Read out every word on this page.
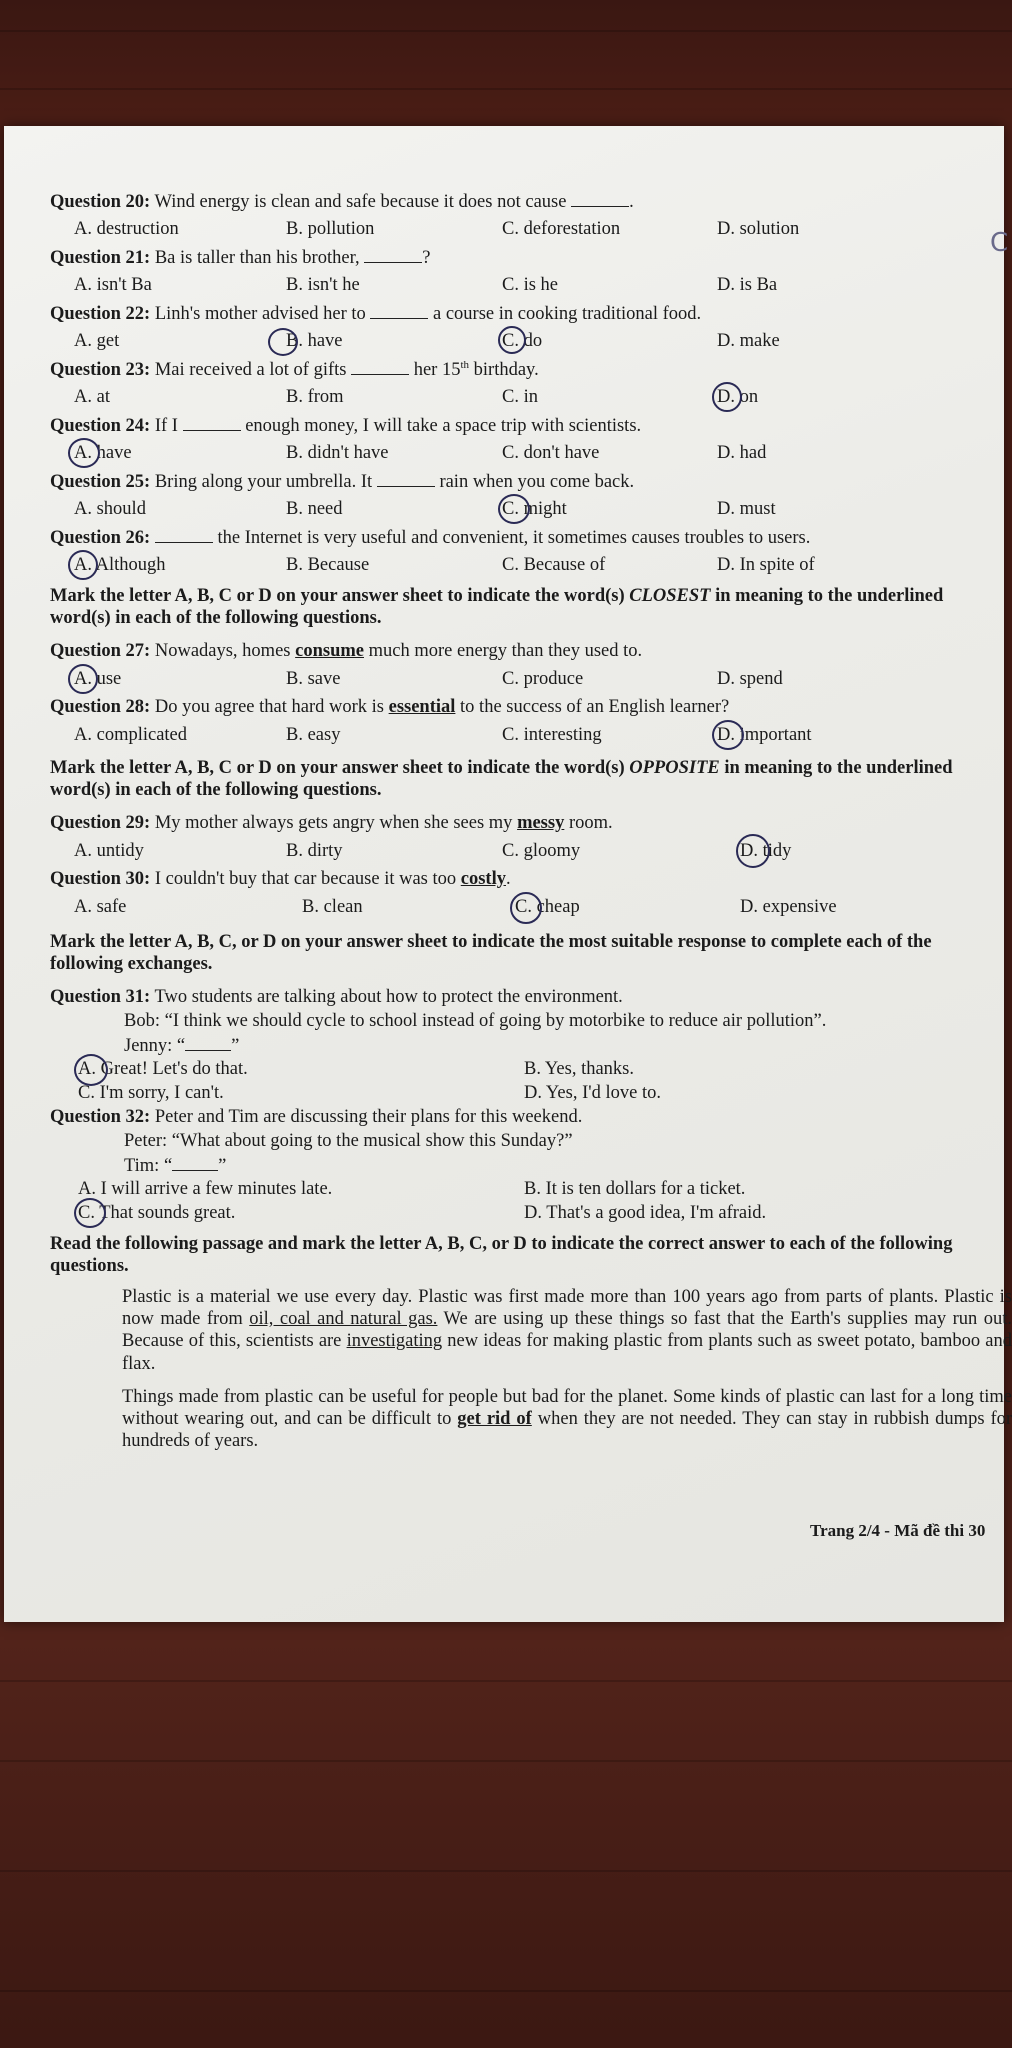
Question 20: Wind energy is clean and safe because it does not cause	.
A. destruction	B. pollution	C. deforestation	D. solution
Question 21: Ba is taller than his brother,	?
A. isn't Ba	B. isn't he	C. is he	D. is Ba
Question 22: Linh's mother advised her to	a course in cooking traditional food.
A. get	B. have	C. do	D. make
Question 23: Mai received a lot of gifts	her 15th birthday.
A. at	B. from	C. in	D. on
Question 24: If I	enough money, I will take a space trip with scientists.
A. have	B. didn't have	C. don't have	D. had
Question 25: Bring along your umbrella. It	rain when you come back.
A. should	B. need	C. might	D. must
Question 26:	the Internet is very useful and convenient, it sometimes causes troubles to users.
A. Although	B. Because	C. Because of	D. In spite of
Mark the letter A, B, C or D on your answer sheet to indicate the word(s) CLOSEST in meaning to the underlined word(s) in each of the following questions.
Question 27: Nowadays, homes consume much more energy than they used to.
A. use	B. save	C. produce	D. spend
Question 28: Do you agree that hard work is essential to the success of an English learner?
A. complicated	B. easy	C. interesting	D. important
Mark the letter A, B, C or D on your answer sheet to indicate the word(s) OPPOSITE in meaning to the underlined word(s) in each of the following questions.
Question 29: My mother always gets angry when she sees my messy room.
A. untidy	B. dirty	C. gloomy	D. tidy
Question 30: I couldn't buy that car because it was too costly.
A. safe	B. clean	C. cheap	D. expensive
Mark the letter A, B, C, or D on your answer sheet to indicate the most suitable response to complete each of the following exchanges.
Question 31: Two students are talking about how to protect the environment.
Bob: “I think we should cycle to school instead of going by motorbike to reduce air pollution”.
Jenny: “ ”
A. Great! Let's do that.	B. Yes, thanks.
C. I'm sorry, I can't.	D. Yes, I'd love to.
Question 32: Peter and Tim are discussing their plans for this weekend.
Peter: “What about going to the musical show this Sunday?”
Tim: “ ”
A. I will arrive a few minutes late.	B. It is ten dollars for a ticket.
C. That sounds great.	D. That's a good idea, I'm afraid.
Read the following passage and mark the letter A, B, C, or D to indicate the correct answer to each of the following questions.
Plastic is a material we use every day. Plastic was first made more than 100 years ago from parts of plants. Plastic is now made from oil, coal and natural gas. We are using up these things so fast that the Earth's supplies may run out. Because of this, scientists are investigating new ideas for making plastic from plants such as sweet potato, bamboo and flax.
Things made from plastic can be useful for people but bad for the planet. Some kinds of plastic can last for a long time without wearing out, and can be difficult to get rid of when they are not needed. They can stay in rubbish dumps for hundreds of years.
Trang 2/4 - Mã đề thi 30
C
